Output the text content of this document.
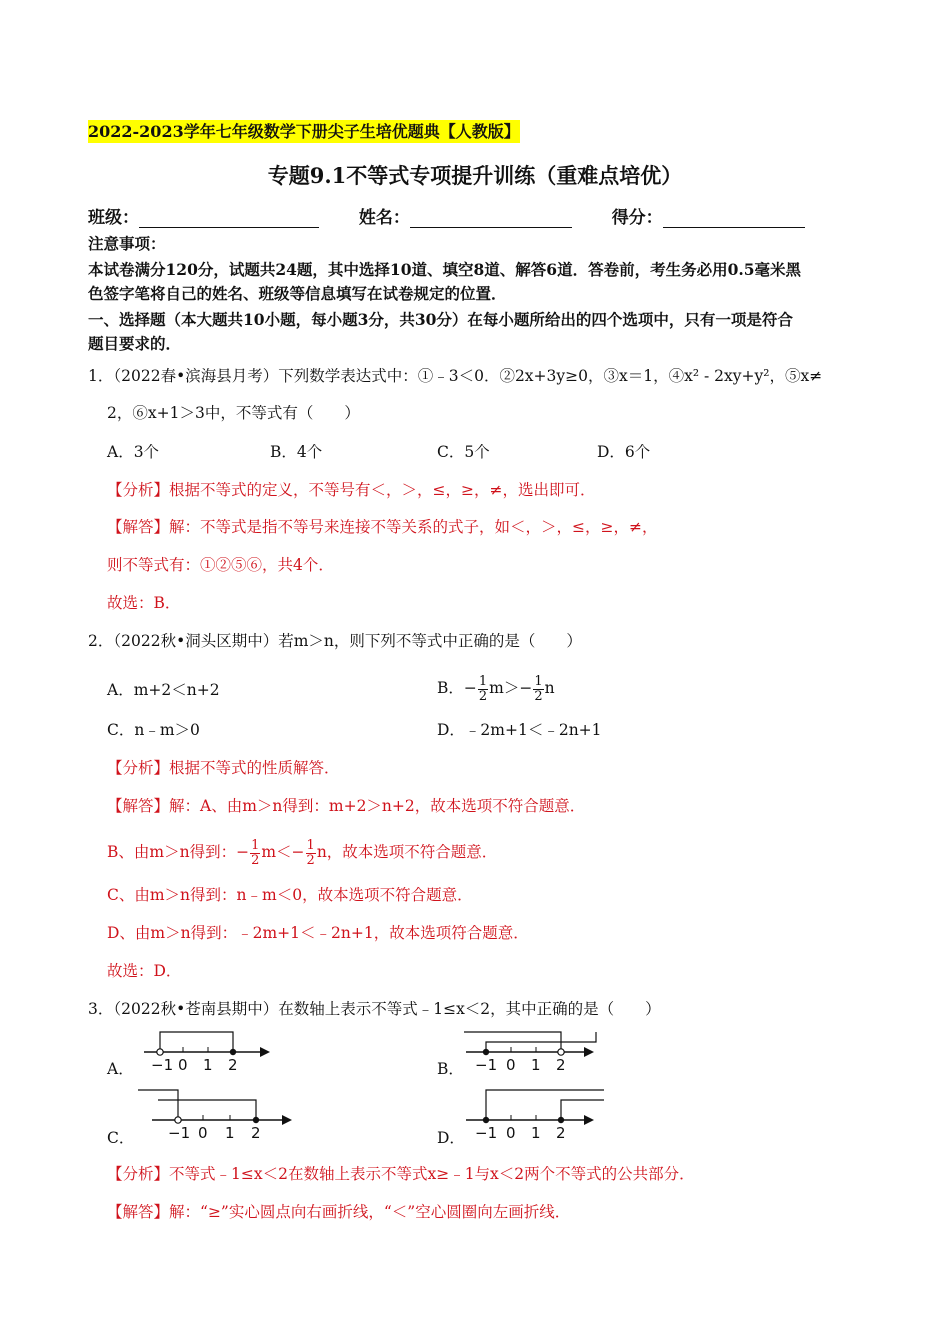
2022-2023学年七年级数学下册尖子生培优题典【人教版】
专题9.1不等式专项提升训练（重难点培优）
班级：	姓名：	得分：
注意事项：
本试卷满分120分，试题共24题，其中选择10道、填空8道、解答6道．答卷前，考生务必用0.5毫米黑
色签字笔将自己的姓名、班级等信息填写在试卷规定的位置．
一、选择题（本大题共10小题，每小题3分，共30分）在每小题所给出的四个选项中，只有一项是符合
题目要求的．
1．（2022春•滨海县月考）下列数学表达式中：①﹣3＜0．②2x+3y≥0，③x＝1，④x² - 2xy+y²，⑤x≠
2，⑥x+1＞3中，不等式有（　　）
A．3个	B．4个	C．5个	D．6个
【分析】根据不等式的定义，不等号有＜，＞，≤，≥，≠，选出即可．
【解答】解：不等式是指不等号来连接不等关系的式子，如＜，＞，≤，≥，≠，
则不等式有：①②⑤⑥，共4个．
故选：B．
2．（2022秋•洞头区期中）若m＞n，则下列不等式中正确的是（　　）
A．m+2＜n+2	B．− $\frac{1}{2} m>- \frac{1}{2}$ n
C．n﹣m＞0	D．﹣2m+1＜﹣2n+1
【分析】根据不等式的性质解答．
【解答】解：A、由m＞n得到：m+2＞n+2，故本选项不符合题意．
B、由m＞n得到：− $\frac{1}{2} m<- \frac{1}{2}$ n，故本选项不符合题意．
C、由m＞n得到：n﹣m＜0，故本选项不符合题意．
D、由m＞n得到：﹣2m+1＜﹣2n+1，故本选项符合题意．
故选：D．
3．（2022秋•苍南县期中）在数轴上表示不等式﹣1≤x＜2，其中正确的是（　　）
A． −1 0 1 2	B． −1 0 1 2
C． −1 0 1 2	D． −1 0 1 2
【分析】不等式﹣1≤x＜2在数轴上表示不等式x≥﹣1与x＜2两个不等式的公共部分．
【解答】解：“≥”实心圆点向右画折线，“＜”空心圆圈向左画折线．
